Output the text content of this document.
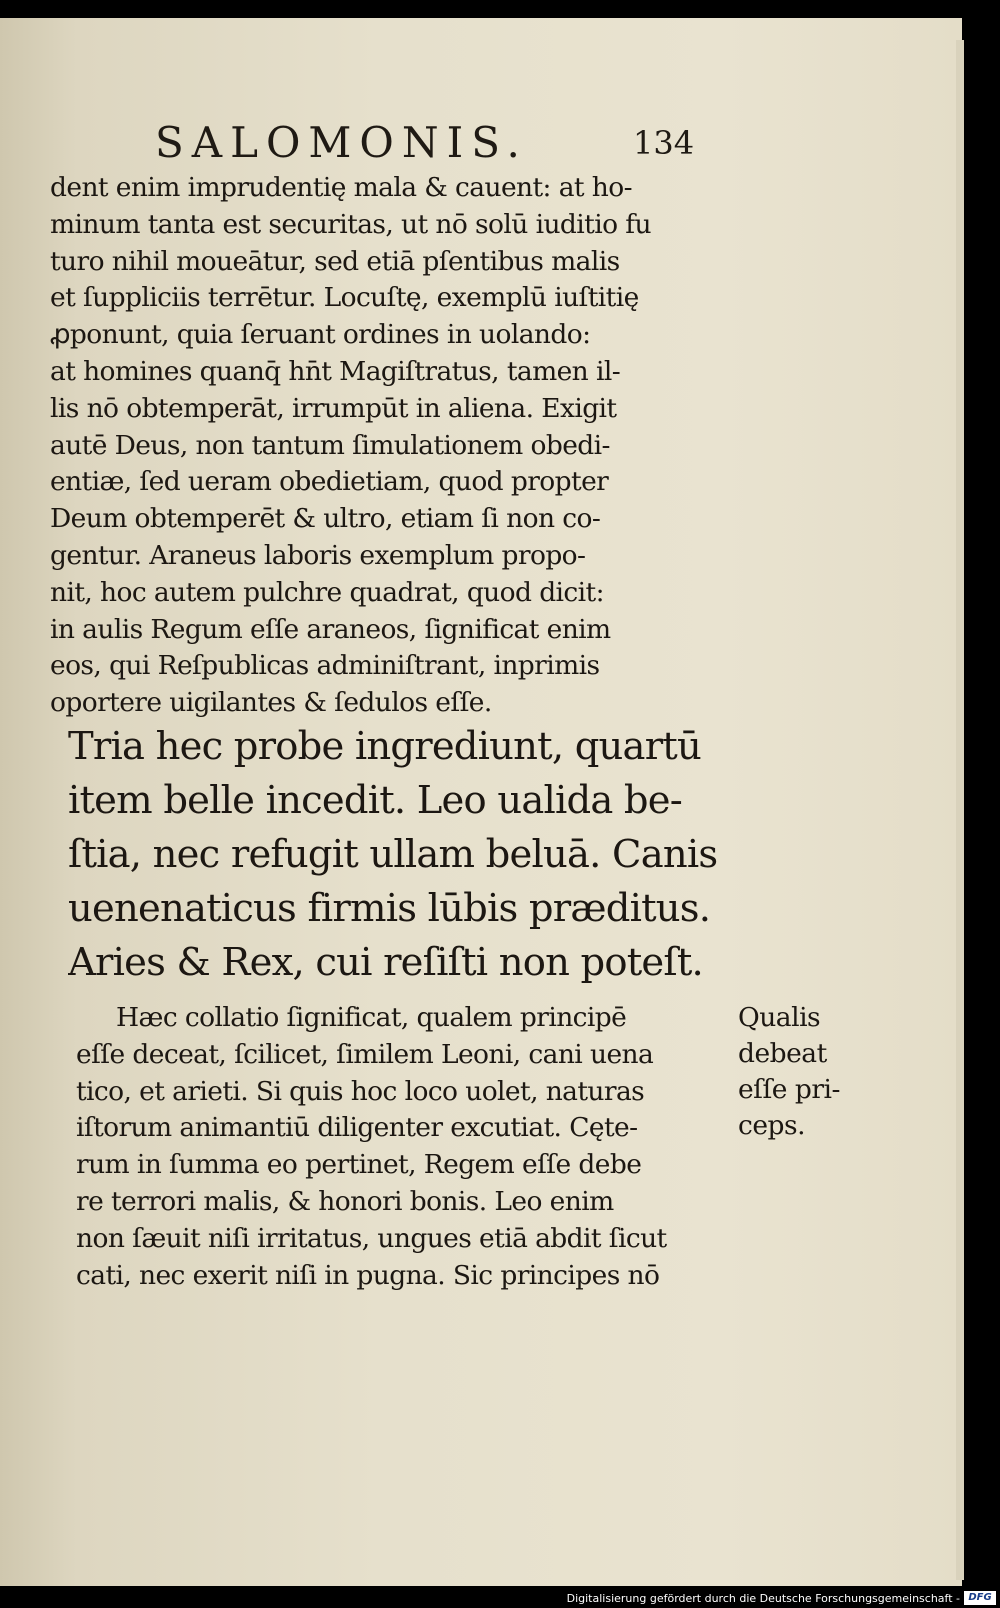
SALOMONIS.	134
dent enim imprudentię mala & cauent: at ho-
minum tanta est securitas, ut nō solū iuditio fu
turo nihil moueātur, sed etiā pſentibus malis
et ſuppliciis terrētur. Locuſtę, exemplū iuſtitię
ꝓponunt, quia ſeruant ordines in uolando:
at homines quanq̄ hn̄t Magiſtratus, tamen il-
lis nō obtemperāt, irrumpūt in aliena. Exigit
autē Deus, non tantum ſimulationem obedi-
entiæ, ſed ueram obedietiam, quod propter
Deum obtemperēt & ultro, etiam ſi non co-
gentur. Araneus laboris exemplum propo-
nit, hoc autem pulchre quadrat, quod dicit:
in aulis Regum eſſe araneos, ſignificat enim
eos, qui Reſpublicas adminiſtrant, inprimis
oportere uigilantes & ſedulos eſſe.
Tria hec probe ingrediunt, quartū
item belle incedit. Leo ualida be-
ſtia, nec refugit ullam beluā. Canis
uenenaticus firmis lūbis præditus.
Aries & Rex, cui reſiſti non poteſt.
Hæc collatio ſignificat, qualem principē
eſſe deceat, ſcilicet, ſimilem Leoni, cani uena
tico, et arieti. Si quis hoc loco uolet, naturas
iſtorum animantiū diligenter excutiat. Cęte-
rum in ſumma eo pertinet, Regem eſſe debe
re terrori malis, & honori bonis. Leo enim
non ſæuit niſi irritatus, ungues etiā abdit ſicut
cati, nec exerit niſi in pugna. Sic principes nō
Qualis
debeat
eſſe pri-
ceps.
Digitalisierung gefördert durch die Deutsche Forschungsgemeinschaft - DFG
